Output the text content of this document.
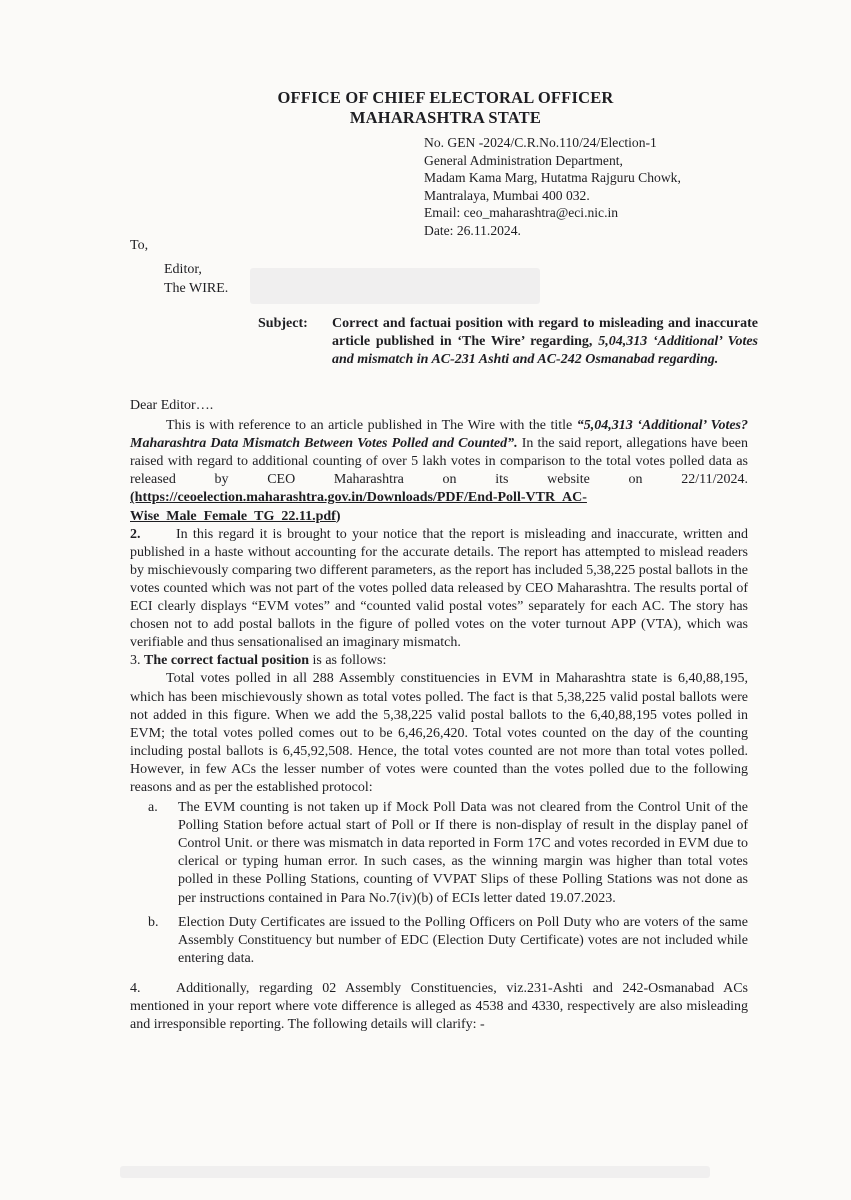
OFFICE OF CHIEF ELECTORAL OFFICER
MAHARASHTRA STATE
No. GEN -2024/C.R.No.110/24/Election-1
General Administration Department,
Madam Kama Marg, Hutatma Rajguru Chowk,
Mantralaya, Mumbai 400 032.
Email: ceo_maharashtra@eci.nic.in
Date: 26.11.2024.
To,
Editor,
The WIRE.
Subject: Correct and factuai position with regard to misleading and inaccurate article published in ‘The Wire’ regarding, 5,04,313 ‘Additional’ Votes and mismatch in AC-231 Ashti and AC-242 Osmanabad regarding.

Dear Editor….

This is with reference to an article published in The Wire with the title “5,04,313 ‘Additional’ Votes? Maharashtra Data Mismatch Between Votes Polled and Counted”. In the said report, allegations have been raised with regard to additional counting of over 5 lakh votes in comparison to the total votes polled data as released by CEO Maharashtra on its website on 22/11/2024.(https://ceoelection.maharashtra.gov.in/Downloads/PDF/End-Poll-VTR_AC-Wise_Male_Female_TG_22.11.pdf)

2.	In this regard it is brought to your notice that the report is misleading and inaccurate, written and published in a haste without accounting for the accurate details. The report has attempted to mislead readers by mischievously comparing two different parameters, as the report has included 5,38,225 postal ballots in the votes counted which was not part of the votes polled data released by CEO Maharashtra. The results portal of ECI clearly displays “EVM votes” and “counted valid postal votes” separately for each AC. The story has chosen not to add postal ballots in the figure of polled votes on the voter turnout APP (VTA), which was verifiable and thus sensationalised an imaginary mismatch.

3. The correct factual position is as follows:

Total votes polled in all 288 Assembly constituencies in EVM in Maharashtra state is 6,40,88,195, which has been mischievously shown as total votes polled. The fact is that 5,38,225 valid postal ballots were not added in this figure. When we add the 5,38,225 valid postal ballots to the 6,40,88,195 votes polled in EVM; the total votes polled comes out to be 6,46,26,420. Total votes counted on the day of the counting including postal ballots is 6,45,92,508. Hence, the total votes counted are not more than total votes polled. However, in few ACs the lesser number of votes were counted than the votes polled due to the following reasons and as per the established protocol:

a. The EVM counting is not taken up if Mock Poll Data was not cleared from the Control Unit of the Polling Station before actual start of Poll or If there is non-display of result in the display panel of Control Unit. or there was mismatch in data reported in Form 17C and votes recorded in EVM due to clerical or typing human error. In such cases, as the winning margin was higher than total votes polled in these Polling Stations, counting of VVPAT Slips of these Polling Stations was not done as per instructions contained in Para No.7(iv)(b) of ECIs letter dated 19.07.2023.
b. Election Duty Certificates are issued to the Polling Officers on Poll Duty who are voters of the same Assembly Constituency but number of EDC (Election Duty Certificate) votes are not included while entering data.

4.	Additionally, regarding 02 Assembly Constituencies, viz.231-Ashti and 242-Osmanabad ACs mentioned in your report where vote difference is alleged as 4538 and 4330, respectively are also misleading and irresponsible reporting. The following details will clarify: -
